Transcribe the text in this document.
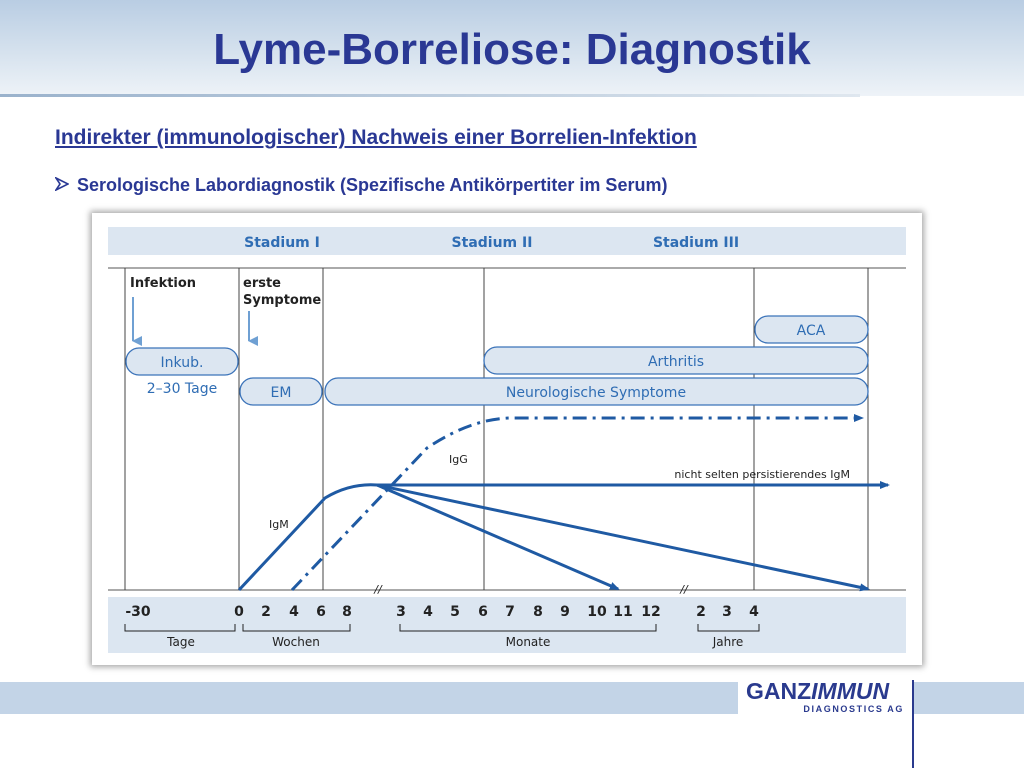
Lyme-Borreliose: Diagnostik

Indirekter (immunologischer) Nachweis einer Borrelien-Infektion

Serologische Labordiagnostik (Spezifische Antikörpertiter im Serum)
Stadium I	Stadium II	Stadium III
Infektion	erste
Symptome
Inkub.
2–30 Tage	EM	Neurologische Symptome
Arthritis
ACA
IgG
IgM
nicht selten persistierendes IgM
-30	0 2 4 6 8
//	//
3 4 5 6 7 8 9 10 11 12	2 3 4
Tage	Wochen	Monate	Jahre
GANZIMMUN
DIAGNOSTICS AG
